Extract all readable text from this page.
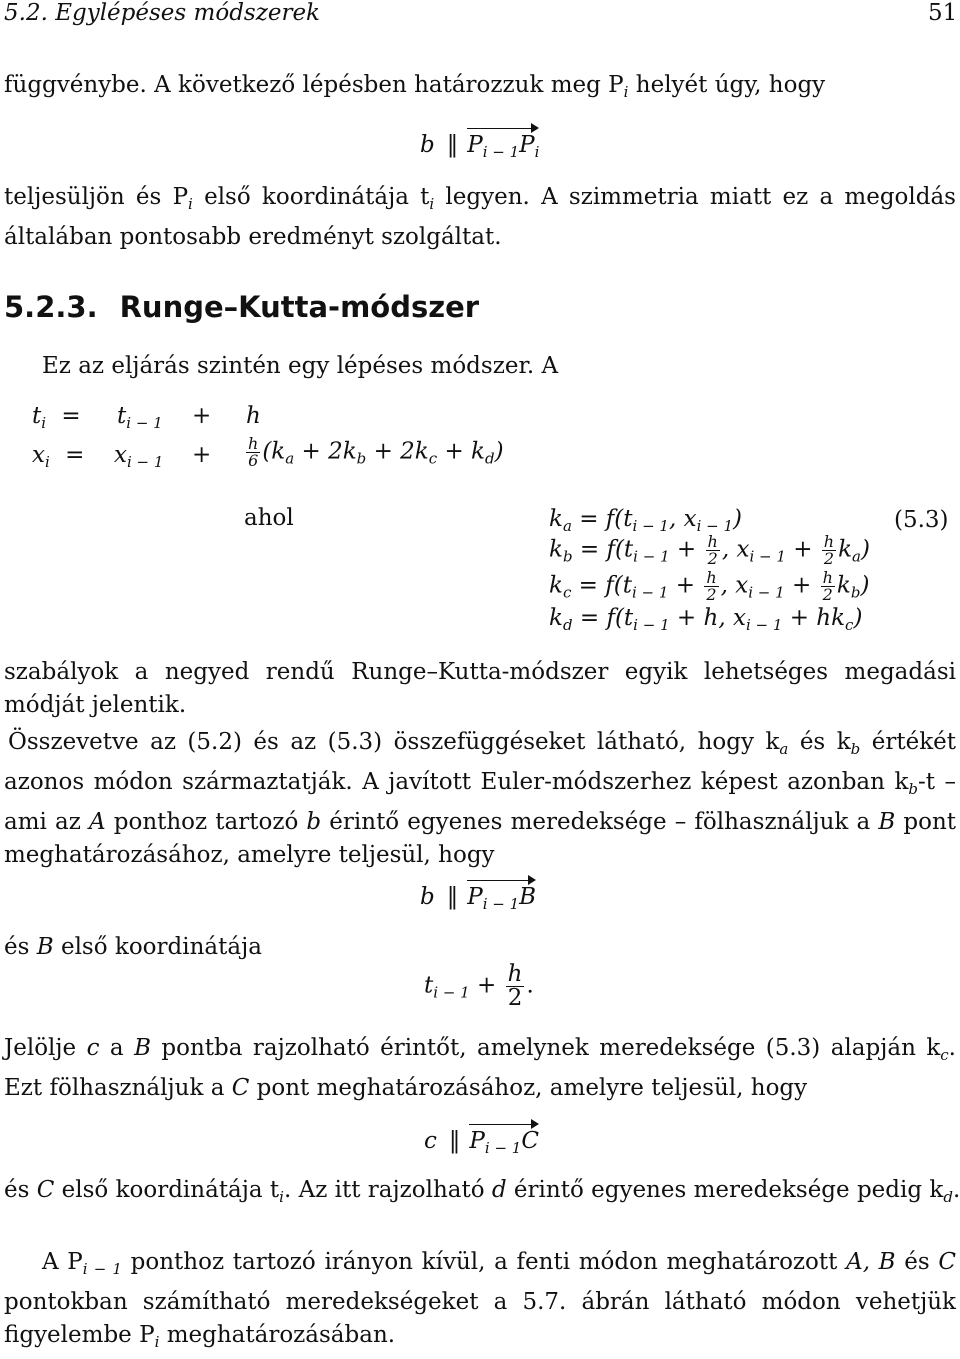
5.2. Egylépéses módszerek	51
függvénybe. A következő lépésben határozzuk meg $P_i$ helyét úgy, hogy
b ‖ $P_{i - 1}P_i$
teljesüljön és $P_i$ első koordinátája $t_i$ legyen. A szimmetria miatt ez a megoldás általában pontosabb eredményt szolgáltat.
5.2.3. Runge–Kutta-módszer
Ez az eljárás szintén egy lépéses módszer. A
$t_i = t_{i - 1} + h$
$x_i = x_{i - 1} + \frac{h}{6} (k_a + 2k_b + 2k_c + k_d)$
ahol	(5.3)
$k_a = f(t_{i - 1}$, $x_{i - 1}$)
$k_b = f(t_{i - 1} + \frac{h}{2}$ , $x_{i - 1} + \frac{h}{2} k_a$)
$k_c = f(t_{i - 1} + \frac{h}{2}$ , $x_{i - 1} + \frac{h}{2} k_b$)
$k_d = f(t_{i - 1} + h$, $x_{i - 1} + hk_c$)
szabályok a negyed rendű Runge–Kutta-módszer egyik lehetséges megadási módját jelentik.
Összevetve az (5.2) és az (5.3) összefüggéseket látható, hogy $k_a$ és $k_b$ értékét azonos módon származtatják. A javított Euler-módszerhez képest azonban $k_b-t$ – ami az A ponthoz tartozó b érintő egyenes meredeksége – fölhasználjuk a B pont meghatározásához, amelyre teljesül, hogy
b ‖ $P_{i - 1}B$
és B első koordinátája
$t_{i - 1} + \frac{h}{2}$ .
Jelölje c a B pontba rajzolható érintőt, amelynek meredeksége (5.3) alapján $k_c$. Ezt fölhasználjuk a C pont meghatározásához, amelyre teljesül, hogy
c ‖ $P_{i - 1}C$
és C első koordinátája $t_i$. Az itt rajzolható d érintő egyenes meredeksége pedig $k_d$.
A $P_{i - 1}$ ponthoz tartozó irányon kívül, a fenti módon meghatározott A, B és C pontokban számítható meredekségeket a 5.7. ábrán látható módon vehetjük figyelembe $P_i$ meghatározásában.
